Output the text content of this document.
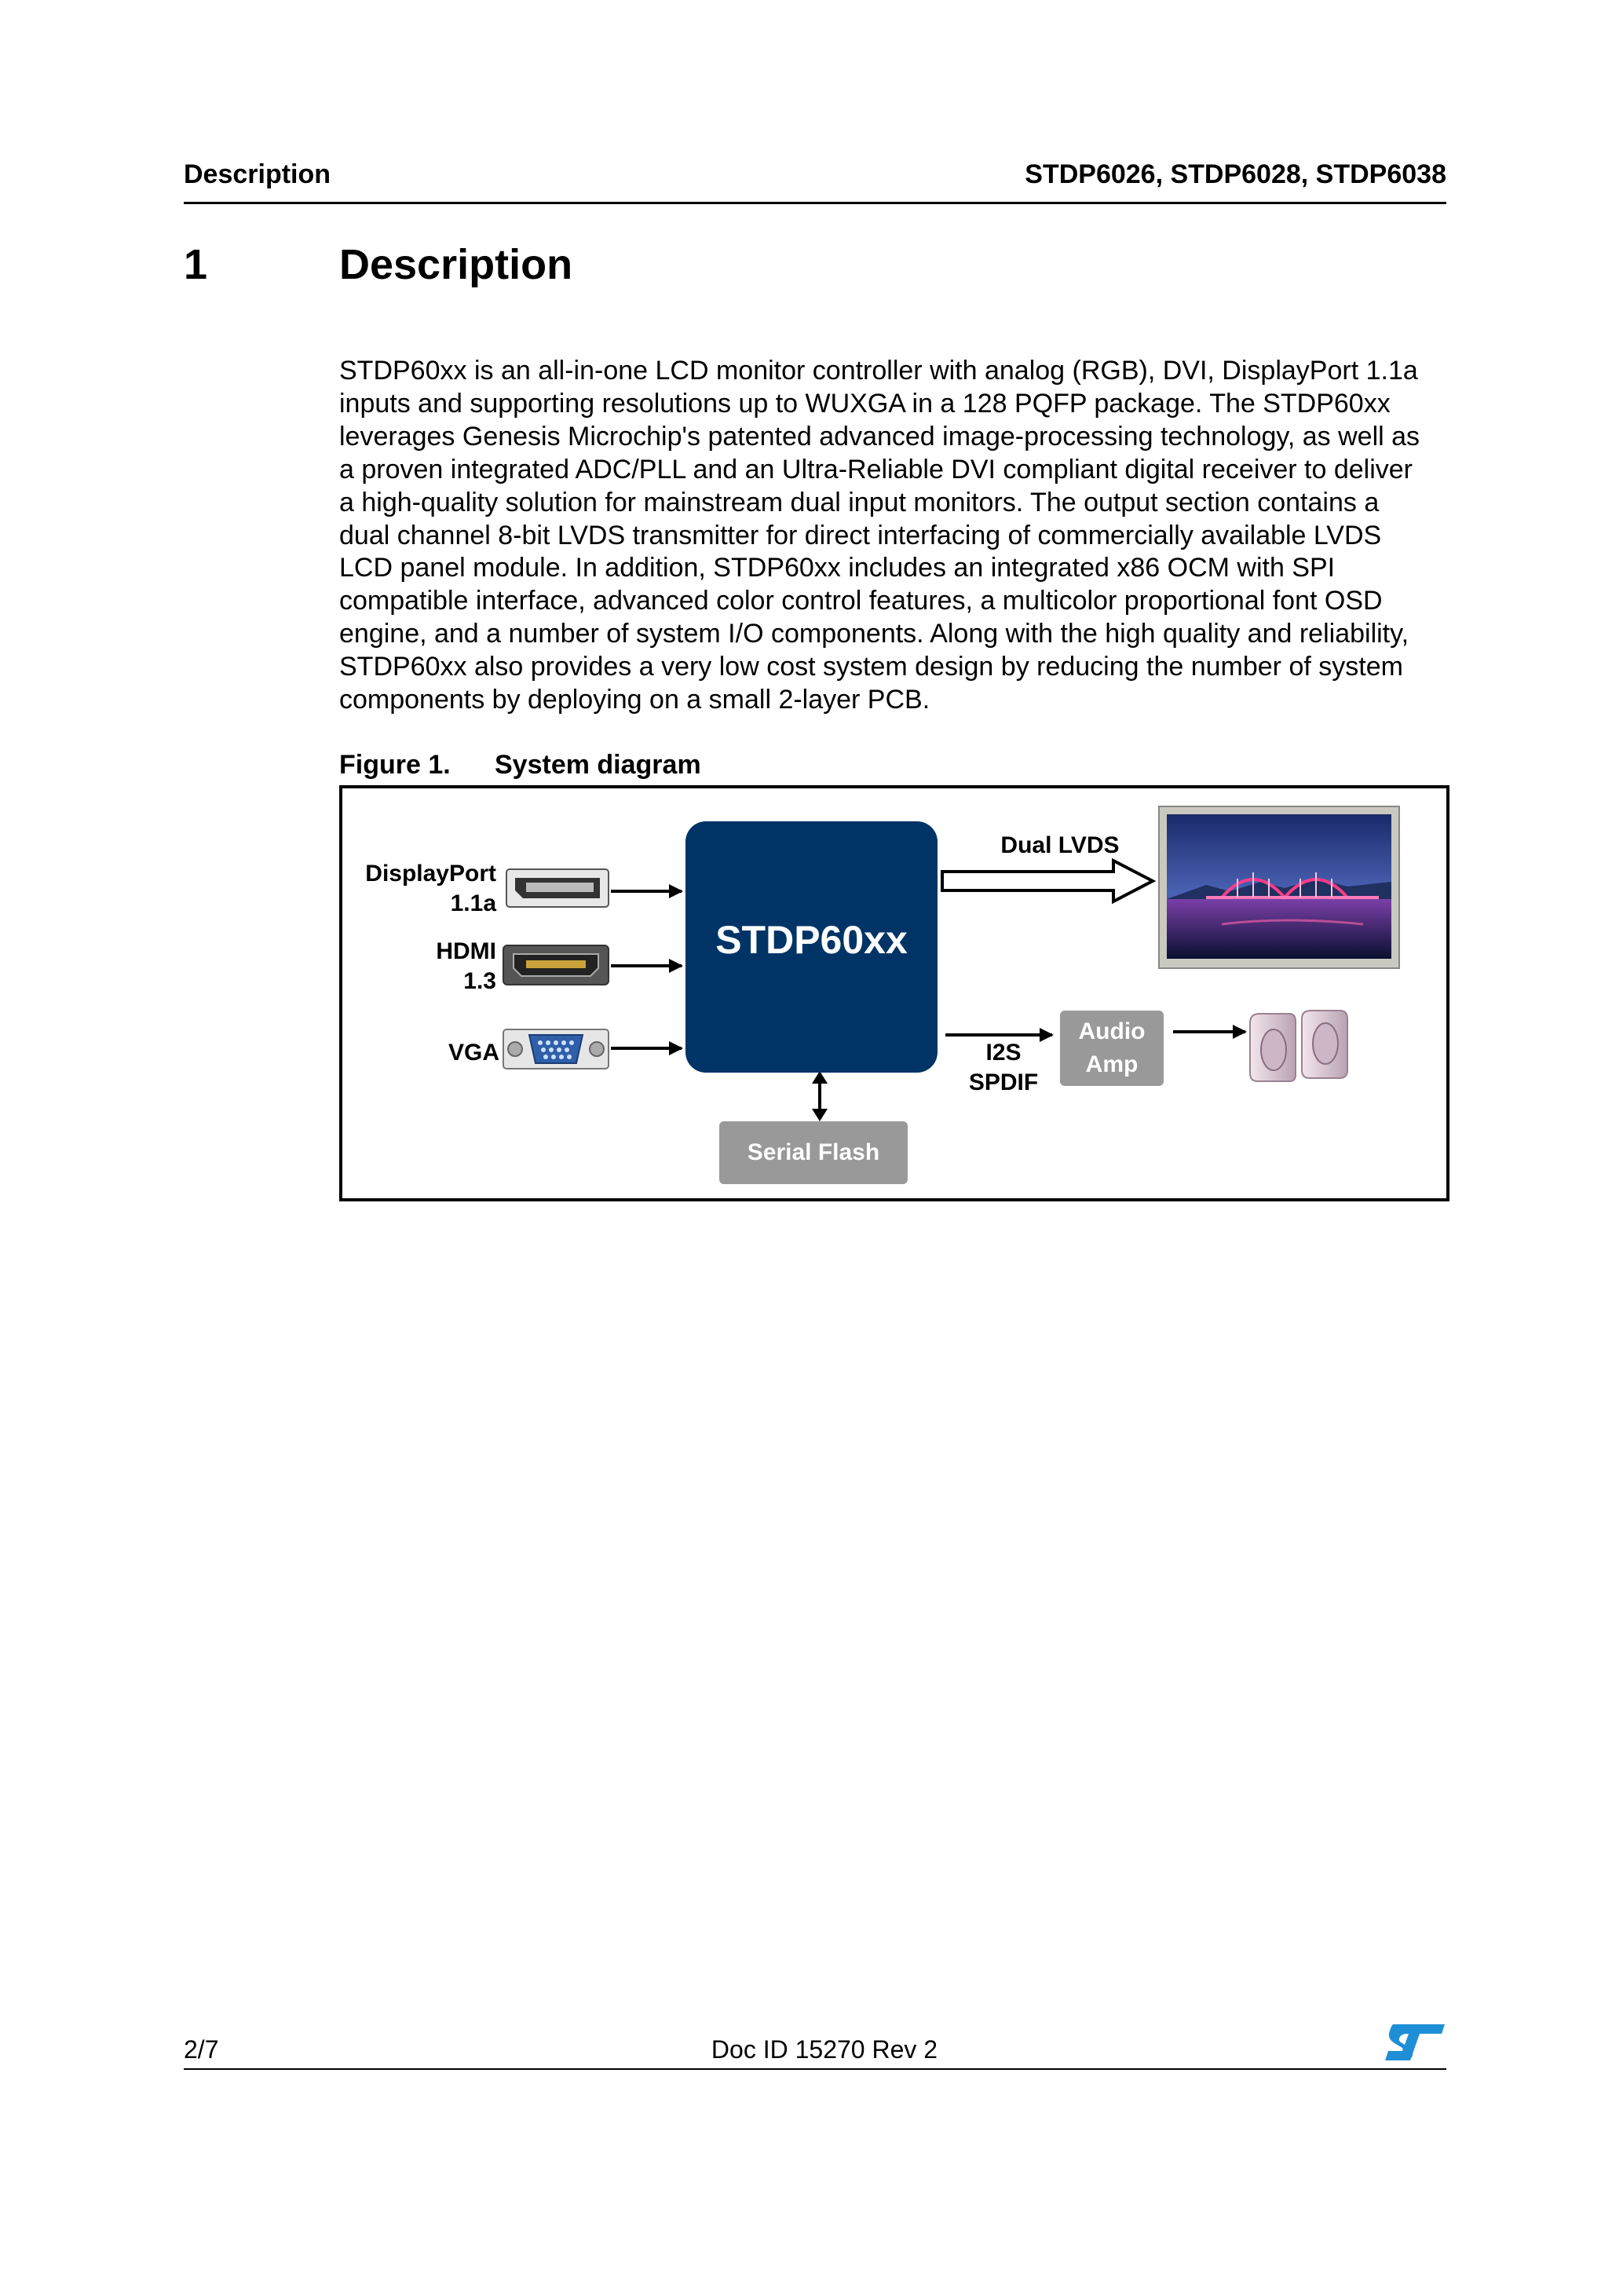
Description	STDP6026, STDP6028, STDP6038
1	Description
STDP60xx is an all-in-one LCD monitor controller with analog (RGB), DVI, DisplayPort 1.1a
inputs and supporting resolutions up to WUXGA in a 128 PQFP package. The STDP60xx
leverages Genesis Microchip's patented advanced image-processing technology, as well as
a proven integrated ADC/PLL and an Ultra-Reliable DVI compliant digital receiver to deliver
a high-quality solution for mainstream dual input monitors. The output section contains a
dual channel 8-bit LVDS transmitter for direct interfacing of commercially available LVDS
LCD panel module. In addition, STDP60xx includes an integrated x86 OCM with SPI
compatible interface, advanced color control features, a multicolor proportional font OSD
engine, and a number of system I/O components. Along with the high quality and reliability,
STDP60xx also provides a very low cost system design by reducing the number of system
components by deploying on a small 2-layer PCB.
Figure 1. System diagram
DisplayPort
1.1a
HDMI
1.3
VGA
STDP60xx
Dual LVDS
I2S
SPDIF
Audio
Amp
Serial Flash
2/7	Doc ID 15270 Rev 2
